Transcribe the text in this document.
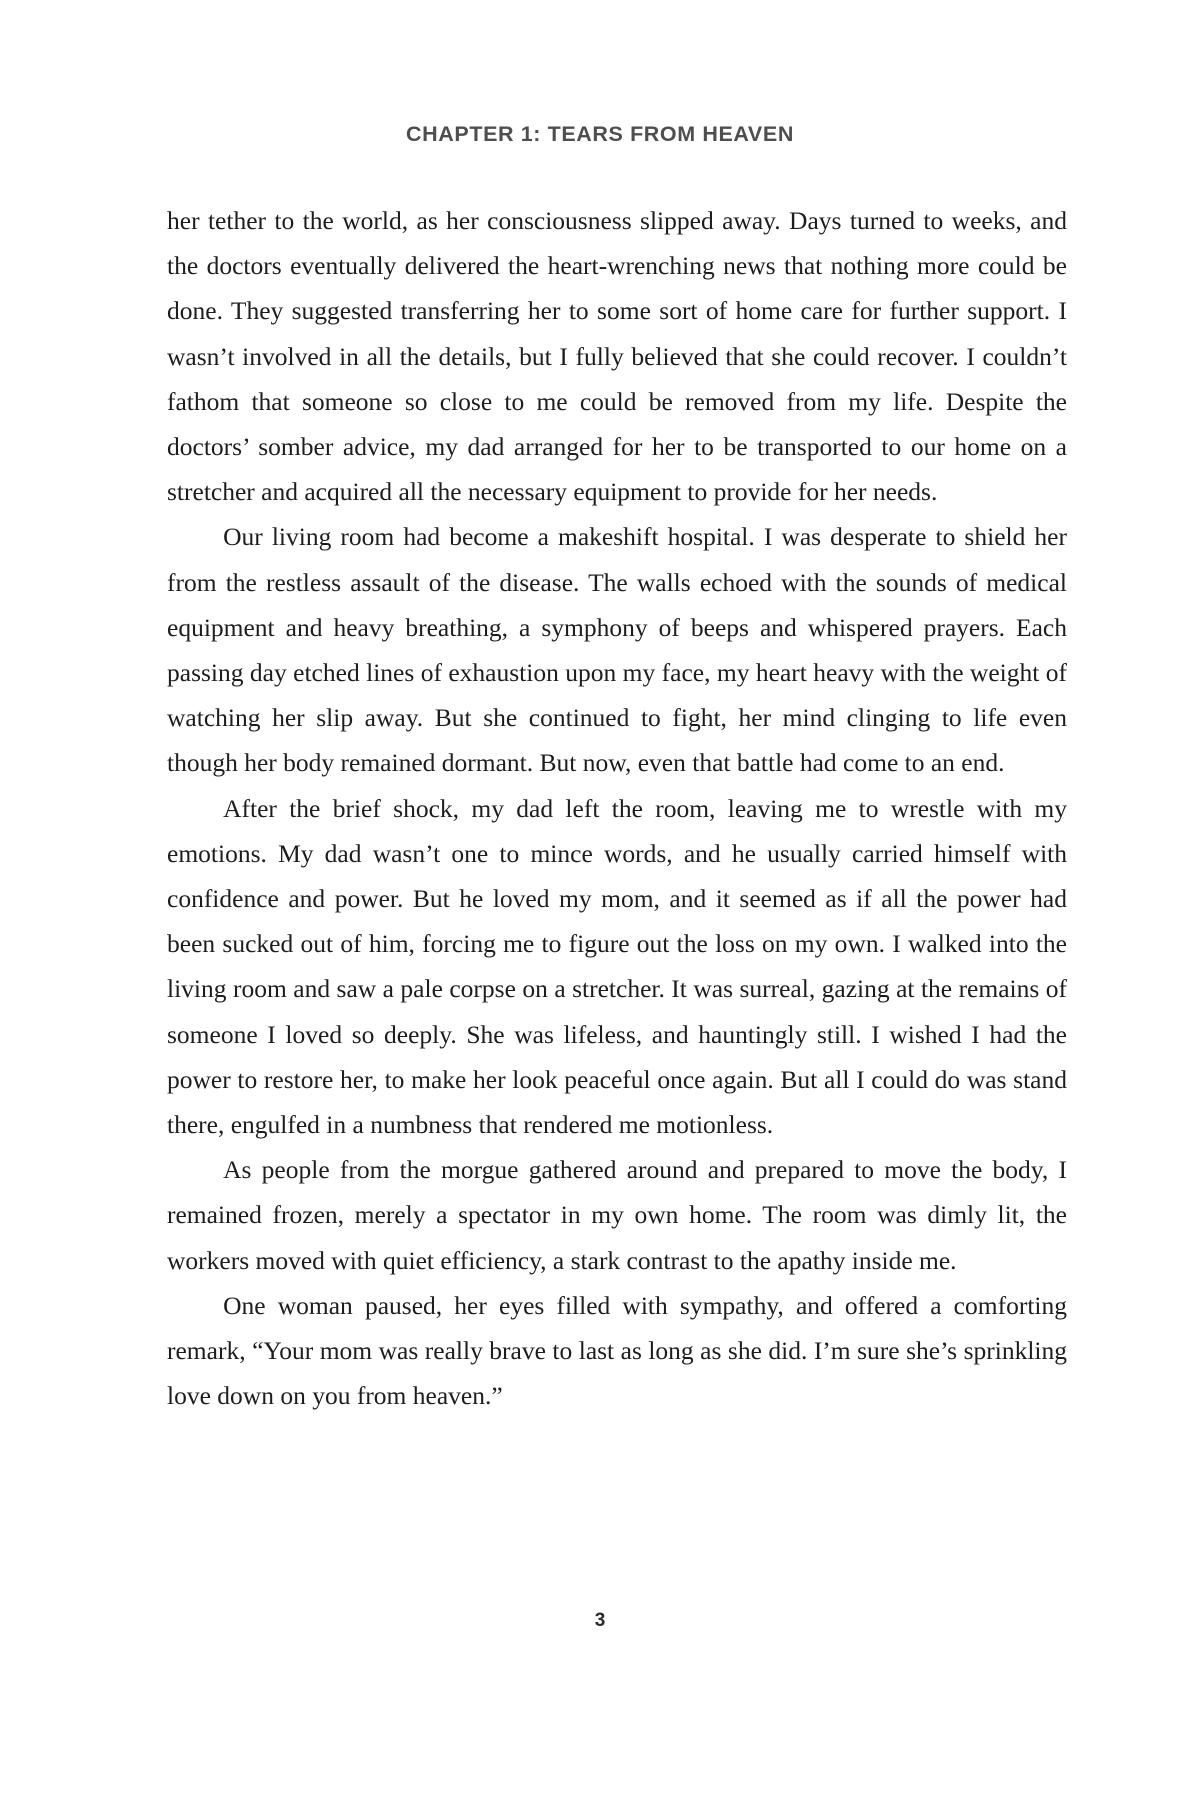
CHAPTER 1: TEARS FROM HEAVEN

her tether to the world, as her consciousness slipped away. Days turned to weeks, and the doctors eventually delivered the heart-wrenching news that nothing more could be done. They suggested transferring her to some sort of home care for further support. I wasn’t involved in all the details, but I fully believed that she could recover. I couldn’t fathom that someone so close to me could be removed from my life. Despite the doctors’ somber advice, my dad arranged for her to be transported to our home on a stretcher and acquired all the necessary equipment to provide for her needs.

Our living room had become a makeshift hospital. I was desperate to shield her from the restless assault of the disease. The walls echoed with the sounds of medical equipment and heavy breathing, a symphony of beeps and whispered prayers. Each passing day etched lines of exhaustion upon my face, my heart heavy with the weight of watching her slip away. But she continued to fight, her mind clinging to life even though her body remained dormant. But now, even that battle had come to an end.

After the brief shock, my dad left the room, leaving me to wrestle with my emotions. My dad wasn’t one to mince words, and he usually carried himself with confidence and power. But he loved my mom, and it seemed as if all the power had been sucked out of him, forcing me to figure out the loss on my own. I walked into the living room and saw a pale corpse on a stretcher. It was surreal, gazing at the remains of someone I loved so deeply. She was lifeless, and hauntingly still. I wished I had the power to restore her, to make her look peaceful once again. But all I could do was stand there, engulfed in a numbness that rendered me motionless.

As people from the morgue gathered around and prepared to move the body, I remained frozen, merely a spectator in my own home. The room was dimly lit, the workers moved with quiet efficiency, a stark contrast to the apathy inside me.

One woman paused, her eyes filled with sympathy, and offered a comforting remark, “Your mom was really brave to last as long as she did. I’m sure she’s sprinkling love down on you from heaven.”

3
